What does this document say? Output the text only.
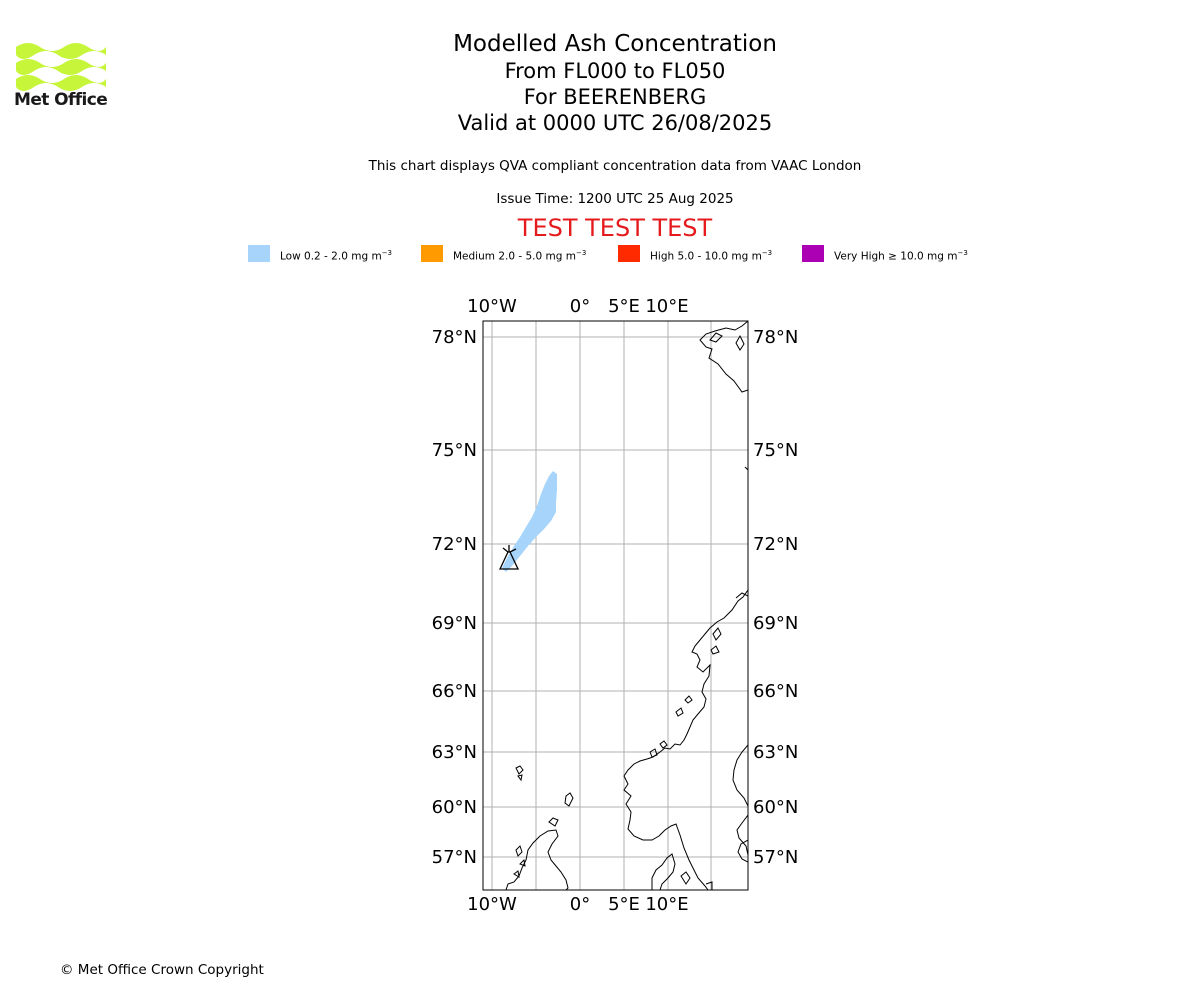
Met Office
Modelled Ash Concentration
From FL000 to FL050
For BEERENBERG
Valid at 0000 UTC 26/08/2025
This chart displays QVA compliant concentration data from VAAC London
Issue Time: 1200 UTC 25 Aug 2025
TEST TEST TEST
Low 0.2 - 2.0 mg $m^{-3}$	Medium 2.0 - 5.0 mg $m^{-3}$	High 5.0 - 10.0 mg $m^{-3}$	Very High ≥ 10.0 mg $m^{-3}$
10°W	0° 5°E 10°E
10°W	0° 5°E 10°E
78°N
75°N
72°N
69°N
66°N
63°N
60°N
57°N
78°N
75°N
72°N
69°N
66°N
63°N
60°N
57°N
© Met Office Crown Copyright
